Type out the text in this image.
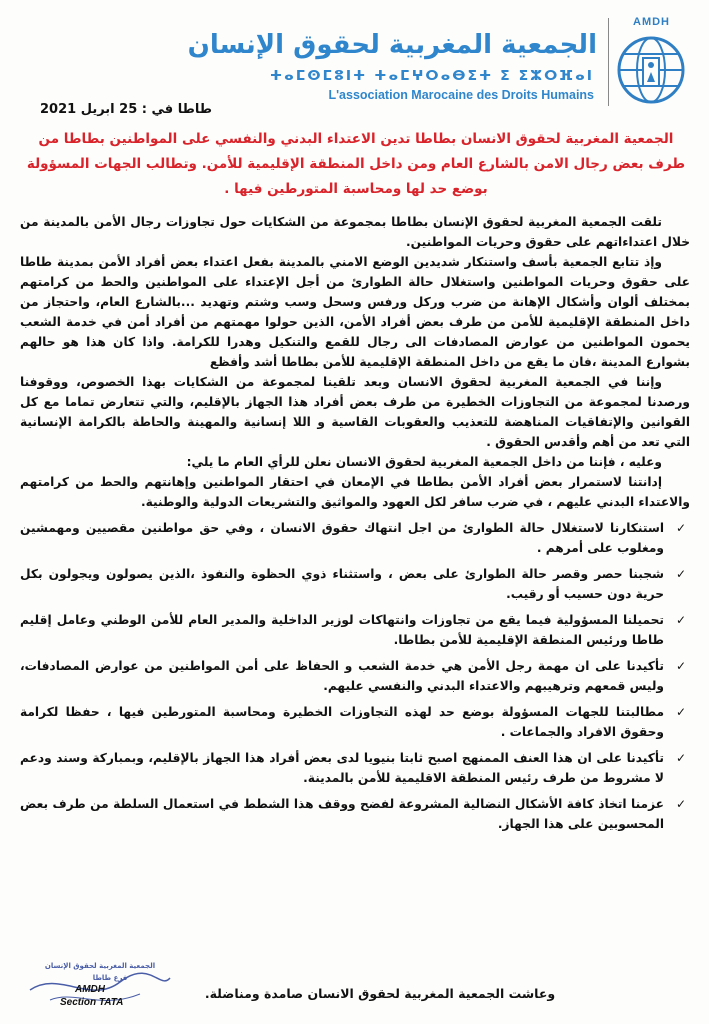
AMDH
الجمعية المغربية لحقوق الإنسان
ⵜⴰⵎⵙⵎⵓⵏⵜ ⵜⴰⵎⵖⵔⴰⴱⵉⵜ ⵉ ⵉⵣⵔⴼⴰⵏ
L'association Marocaine des Droits Humains
طاطا في : 25 ابريل 2021
الجمعية المغربية لحقوق الانسان بطاطا تدين الاعتداء البدني والنفسي على المواطنين بطاطا من طرف بعض رجال الامن بالشارع العام ومن داخل المنطقة الإقليمية للأمن. وتطالب الجهات المسؤولة بوضع حد لها ومحاسبة المتورطين فيها .

تلقت الجمعية المغربية لحقوق الإنسان بطاطا بمجموعة من الشكايات حول تجاوزات رجال الأمن بالمدينة من خلال اعتداءاتهم على حقوق وحريات المواطنين.

وإذ تتابع الجمعية بأسف واستنكار شديدين الوضع الامني بالمدينة بفعل اعتداء بعض أفراد الأمن بمدينة طاطا على حقوق وحريات المواطنين واستغلال حالة الطوارئ من أجل الإعتداء على المواطنين والحط من كرامتهم بمختلف ألوان وأشكال الإهانة من ضرب وركل ورفس وسحل وسب وشتم وتهديد ...بالشارع العام، واحتجاز من داخل المنطقة الإقليمية للأمن من طرف بعض أفراد الأمن، الذين حولوا مهمتهم من أفراد أمن في خدمة الشعب يحمون المواطنين من عوارض المصادفات الى رجال للقمع والتنكيل وهدرا للكرامة. واذا كان هذا هو حالهم بشوارع المدينة ،فان ما يقع من داخل المنطقة الإقليمية للأمن بطاطا أشد وأفظع

وإننا في الجمعية المغربية لحقوق الانسان وبعد تلقينا لمجموعة من الشكايات بهذا الخصوص، ووقوفنا ورصدنا لمجموعة من التجاوزات الخطيرة من طرف بعض أفراد هذا الجهاز بالإقليم، والتي تتعارض تماما مع كل القوانين والإتفاقيات المناهضة للتعذيب والعقوبات القاسية و اللا إنسانية والمهينة والحاطة بالكرامة الإنسانية التي تعد من أهم وأقدس الحقوق .

وعليه ، فإننا من داخل الجمعية المغربية لحقوق الانسان نعلن للرأي العام ما يلي:

إدانتنا لاستمرار بعض أفراد الأمن بطاطا في الإمعان في احتقار المواطنين وإهانتهم والحط من كرامتهم والاعتداء البدني عليهم ، في ضرب سافر لكل العهود والمواثيق والتشريعات الدولية والوطنية.

✓
استنكارنا لاستغلال حالة الطوارئ من اجل انتهاك حقوق الانسان ، وفي حق مواطنين مقصيين ومهمشين ومغلوب على أمرهم .
✓
شجبنا حصر وقصر حالة الطوارئ على بعض ، واستثناء ذوي الحظوة والنفوذ ،الذين يصولون ويجولون بكل حرية دون حسيب أو رقيب.
✓
تحميلنا المسؤولية فيما يقع من تجاوزات وانتهاكات لوزير الداخلية والمدير العام للأمن الوطني وعامل إقليم طاطا ورئيس المنطقة الإقليمية للأمن بطاطا.
✓
تأكيدنا على ان مهمة رجل الأمن هي خدمة الشعب و الحفاظ على أمن المواطنين من عوارض المصادفات، وليس قمعهم وترهيبهم والاعتداء البدني والنفسي عليهم.
✓
مطالبتنا للجهات المسؤولة بوضع حد لهذه التجاوزات الخطيرة ومحاسبة المتورطين فيها ، حفظا لكرامة وحقوق الافراد والجماعات .
✓
تأكيدنا على ان هذا العنف الممنهج اصبح ثابتا بنيويا لدى بعض أفراد هذا الجهاز بالإقليم، وبمباركة وسند ودعم لا مشروط من طرف رئيس المنطقة الاقليمية للأمن بالمدينة.
✓
عزمنا اتخاذ كافة الأشكال النضالية المشروعة لفضح ووقف هذا الشطط في استعمال السلطة من طرف بعض المحسوبين على هذا الجهاز.
الجمعية المغربية لحقوق الإنسان
فرع طاطا
AMDH
Section TATA
وعاشت الجمعية المغربية لحقوق الانسان صامدة ومناضلة.
